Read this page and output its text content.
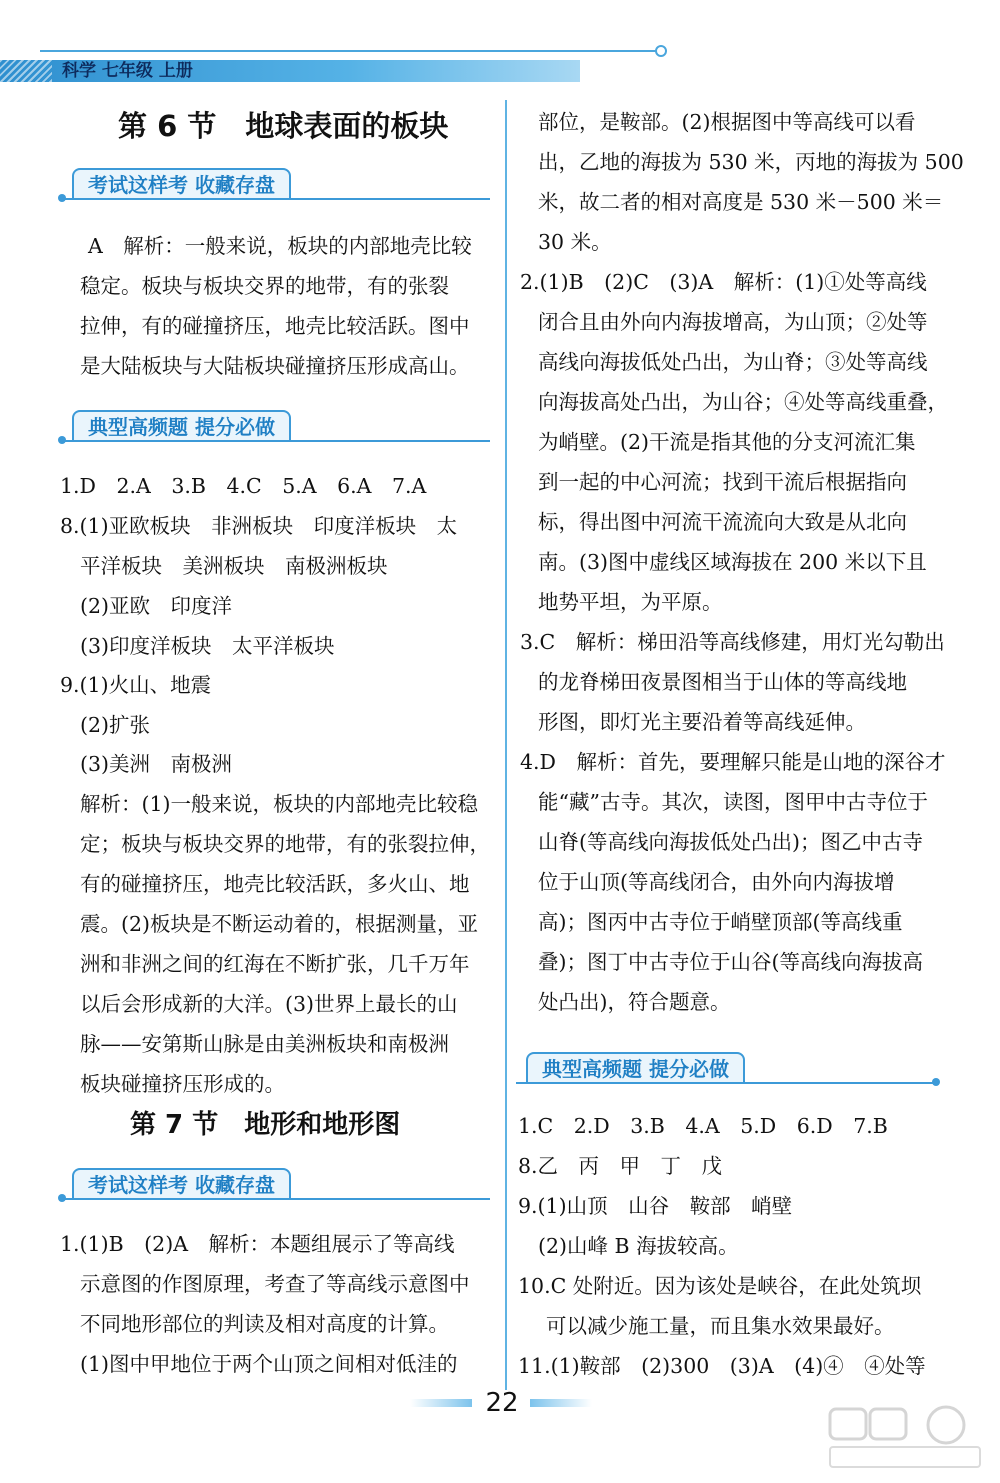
科学 七年级 上册
第 6 节　地球表面的板块
考试这样考 收藏存盘
A　解析：一般来说，板块的内部地壳比较
稳定。板块与板块交界的地带，有的张裂
拉伸，有的碰撞挤压，地壳比较活跃。图中
是大陆板块与大陆板块碰撞挤压形成高山。
典型高频题 提分必做
1.D　2.A　3.B　4.C　5.A　6.A　7.A
8.(1)亚欧板块　非洲板块　印度洋板块　太
平洋板块　美洲板块　南极洲板块
(2)亚欧　印度洋
(3)印度洋板块　太平洋板块
9.(1)火山、地震
(2)扩张
(3)美洲　南极洲
解析：(1)一般来说，板块的内部地壳比较稳
定；板块与板块交界的地带，有的张裂拉伸，
有的碰撞挤压，地壳比较活跃，多火山、地
震。(2)板块是不断运动着的，根据测量，亚
洲和非洲之间的红海在不断扩张，几千万年
以后会形成新的大洋。(3)世界上最长的山
脉——安第斯山脉是由美洲板块和南极洲
板块碰撞挤压形成的。
第 7 节　地形和地形图
考试这样考 收藏存盘
1.(1)B　(2)A　解析：本题组展示了等高线
示意图的作图原理，考查了等高线示意图中
不同地形部位的判读及相对高度的计算。
(1)图中甲地位于两个山顶之间相对低洼的
部位，是鞍部。(2)根据图中等高线可以看
出，乙地的海拔为 530 米，丙地的海拔为 500
米，故二者的相对高度是 530 米－500 米＝
30 米。
2.(1)B　(2)C　(3)A　解析：(1)①处等高线
闭合且由外向内海拔增高，为山顶；②处等
高线向海拔低处凸出，为山脊；③处等高线
向海拔高处凸出，为山谷；④处等高线重叠，
为峭壁。(2)干流是指其他的分支河流汇集
到一起的中心河流；找到干流后根据指向
标，得出图中河流干流流向大致是从北向
南。(3)图中虚线区域海拔在 200 米以下且
地势平坦，为平原。
3.C　解析：梯田沿等高线修建，用灯光勾勒出
的龙脊梯田夜景图相当于山体的等高线地
形图，即灯光主要沿着等高线延伸。
4.D　解析：首先，要理解只能是山地的深谷才
能“藏”古寺。其次，读图，图甲中古寺位于
山脊(等高线向海拔低处凸出)；图乙中古寺
位于山顶(等高线闭合，由外向内海拔增
高)；图丙中古寺位于峭壁顶部(等高线重
叠)；图丁中古寺位于山谷(等高线向海拔高
处凸出)，符合题意。
典型高频题 提分必做
1.C　2.D　3.B　4.A　5.D　6.D　7.B
8.乙　丙　甲　丁　戊
9.(1)山顶　山谷　鞍部　峭壁
(2)山峰 B 海拔较高。
10.C 处附近。因为该处是峡谷，在此处筑坝
可以减少施工量，而且集水效果最好。
11.(1)鞍部　(2)300　(3)A　(4)④　④处等
22
